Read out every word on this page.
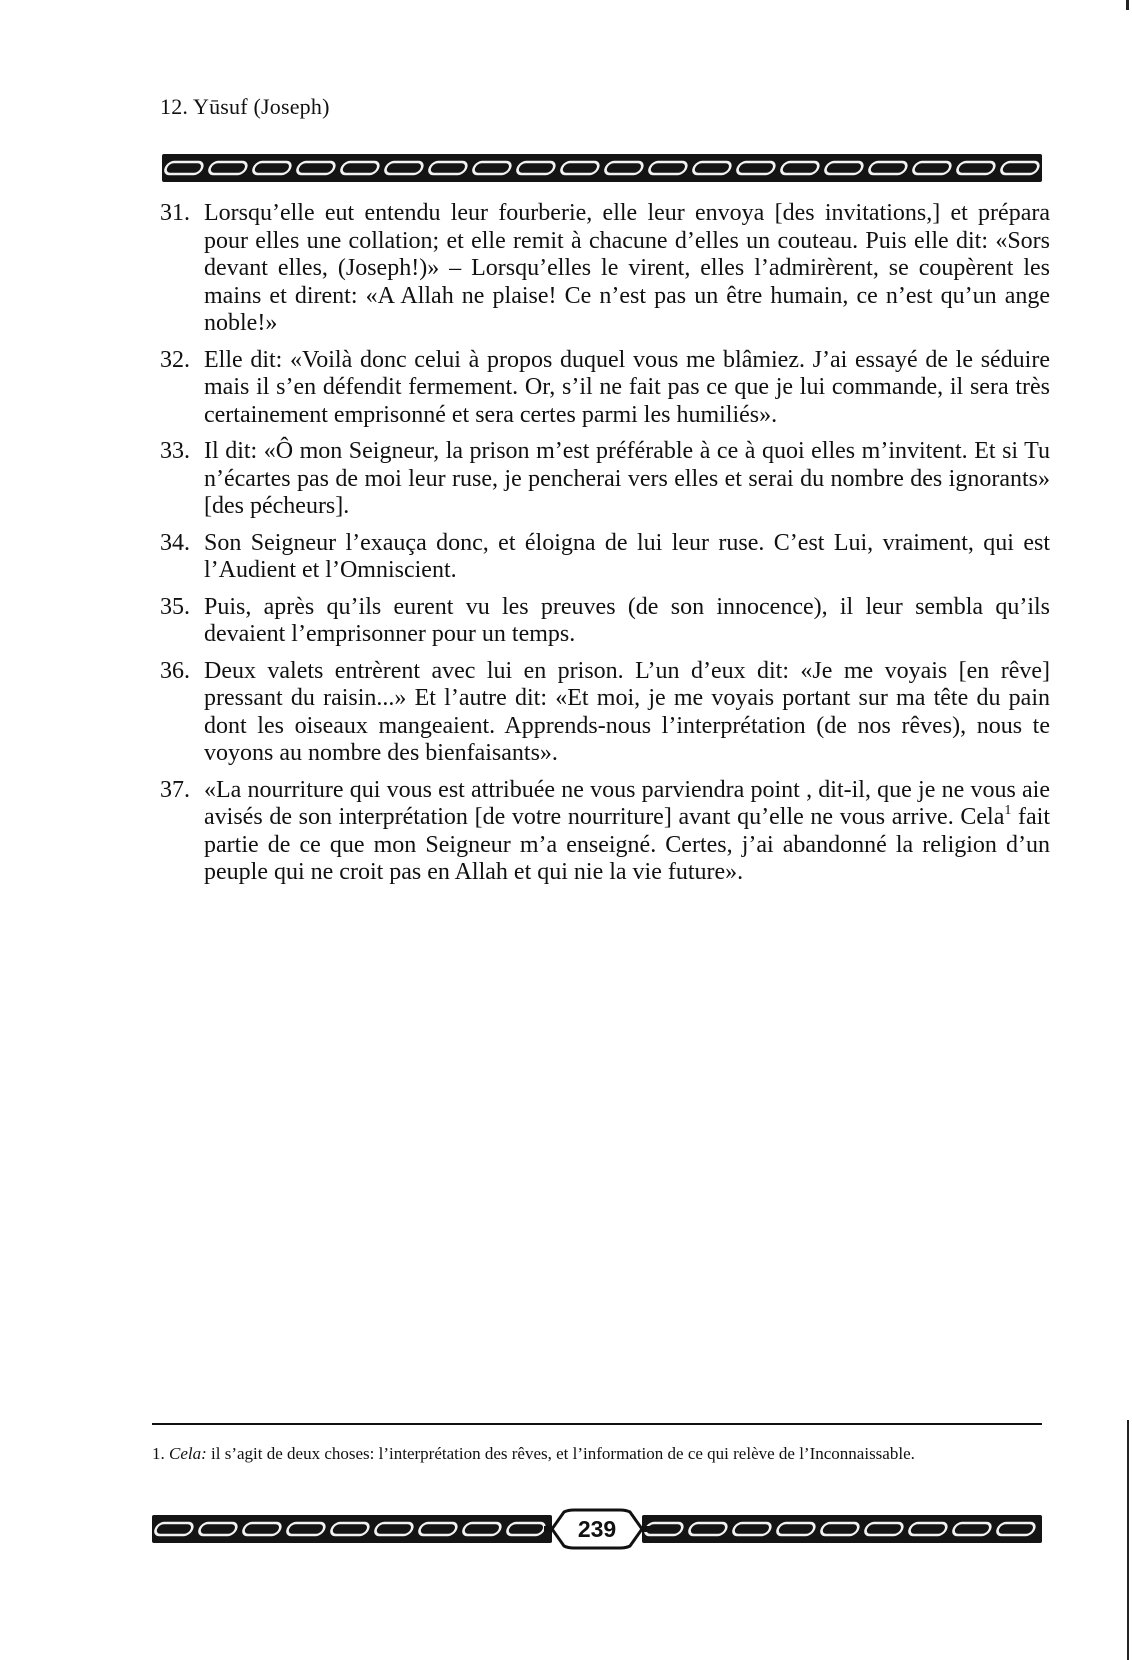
12. Yūsuf (Joseph)
31. Lorsqu’elle eut entendu leur fourberie, elle leur envoya [des invitations,] et prépara pour elles une collation; et elle remit à chacune d’elles un couteau. Puis elle dit: «Sors devant elles, (Joseph!)» – Lorsqu’elles le virent, elles l’admirèrent, se coupèrent les mains et dirent: «A Allah ne plaise! Ce n’est pas un être humain, ce n’est qu’un ange noble!»
32. Elle dit: «Voilà donc celui à propos duquel vous me blâmiez. J’ai essayé de le séduire mais il s’en défendit fermement. Or, s’il ne fait pas ce que je lui commande, il sera très certainement emprisonné et sera certes parmi les humiliés».
33. Il dit: «Ô mon Seigneur, la prison m’est préférable à ce à quoi elles m’invitent. Et si Tu n’écartes pas de moi leur ruse, je pencherai vers elles et serai du nombre des ignorants» [des pécheurs].
34. Son Seigneur l’exauça donc, et éloigna de lui leur ruse. C’est Lui, vraiment, qui est l’Audient et l’Omniscient.
35. Puis, après qu’ils eurent vu les preuves (de son innocence), il leur sembla qu’ils devaient l’emprisonner pour un temps.
36. Deux valets entrèrent avec lui en prison. L’un d’eux dit: «Je me voyais [en rêve] pressant du raisin...» Et l’autre dit: «Et moi, je me voyais portant sur ma tête du pain dont les oiseaux mangeaient. Apprends-nous l’interprétation (de nos rêves), nous te voyons au nombre des bienfaisants».
37. «La nourriture qui vous est attribuée ne vous parviendra point , dit-il, que je ne vous aie avisés de son interprétation [de votre nourriture] avant qu’elle ne vous arrive. Cela$^1$ fait partie de ce que mon Seigneur m’a enseigné. Certes, j’ai abandonné la religion d’un peuple qui ne croit pas en Allah et qui nie la vie future».
1. Cela: il s’agit de deux choses: l’interprétation des rêves, et l’information de ce qui relève de l’Inconnaissable.
239
